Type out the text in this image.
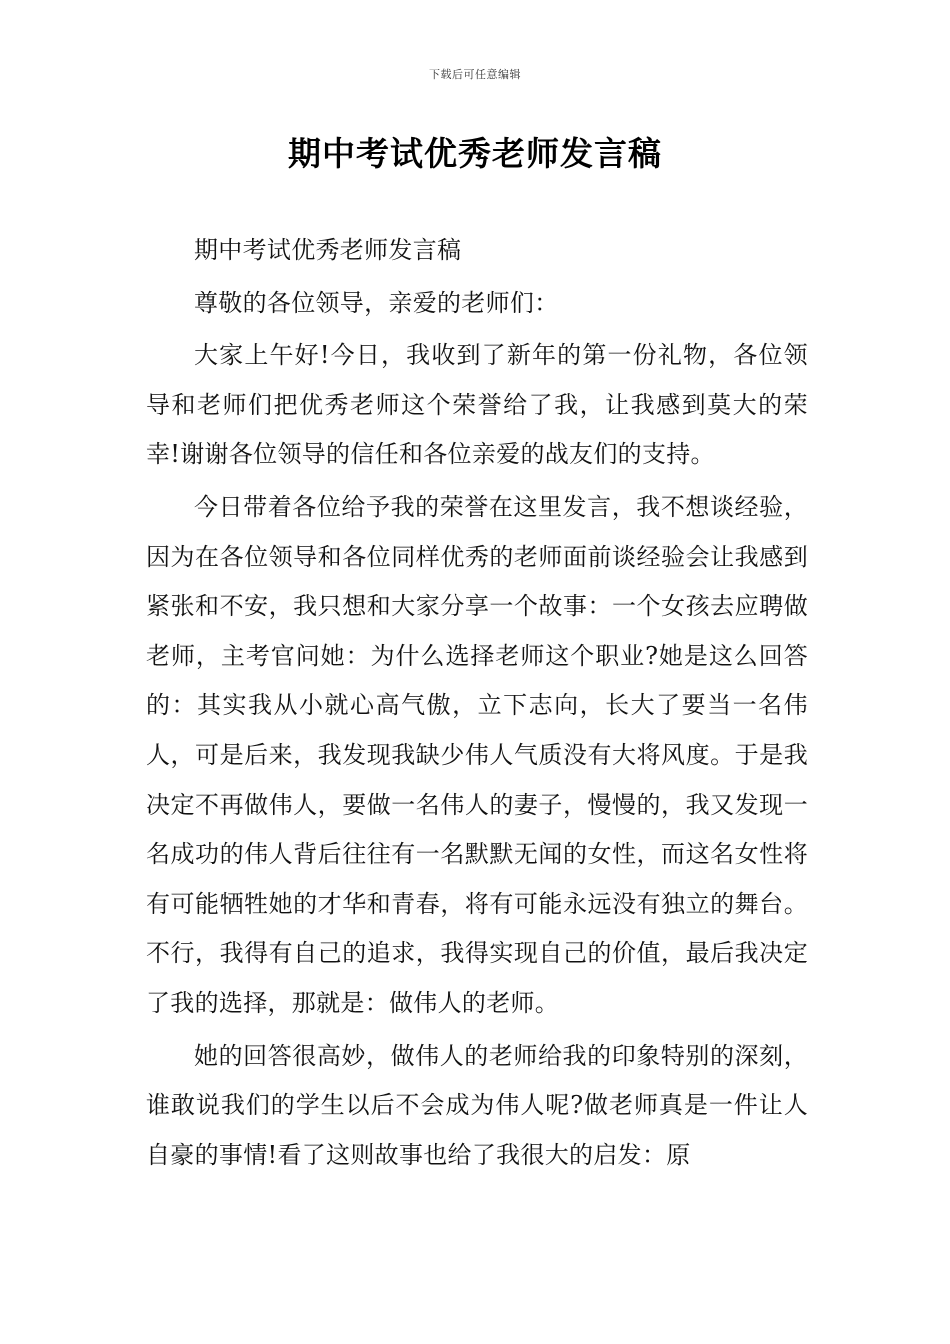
下载后可任意编辑
期中考试优秀老师发言稿

期中考试优秀老师发言稿

尊敬的各位领导，亲爱的老师们：

大家上午好!今日，我收到了新年的第一份礼物，各位领导和老师们把优秀老师这个荣誉给了我，让我感到莫大的荣幸!谢谢各位领导的信任和各位亲爱的战友们的支持。

今日带着各位给予我的荣誉在这里发言，我不想谈经验，因为在各位领导和各位同样优秀的老师面前谈经验会让我感到紧张和不安，我只想和大家分享一个故事：一个女孩去应聘做老师，主考官问她：为什么选择老师这个职业?她是这么回答的：其实我从小就心高气傲，立下志向，长大了要当一名伟人，可是后来，我发现我缺少伟人气质没有大将风度。于是我决定不再做伟人，要做一名伟人的妻子，慢慢的，我又发现一名成功的伟人背后往往有一名默默无闻的女性，而这名女性将有可能牺牲她的才华和青春，将有可能永远没有独立的舞台。不行，我得有自己的追求，我得实现自己的价值，最后我决定了我的选择，那就是：做伟人的老师。

她的回答很高妙，做伟人的老师给我的印象特别的深刻，谁敢说我们的学生以后不会成为伟人呢?做老师真是一件让人自豪的事情!看了这则故事也给了我很大的启发：原
